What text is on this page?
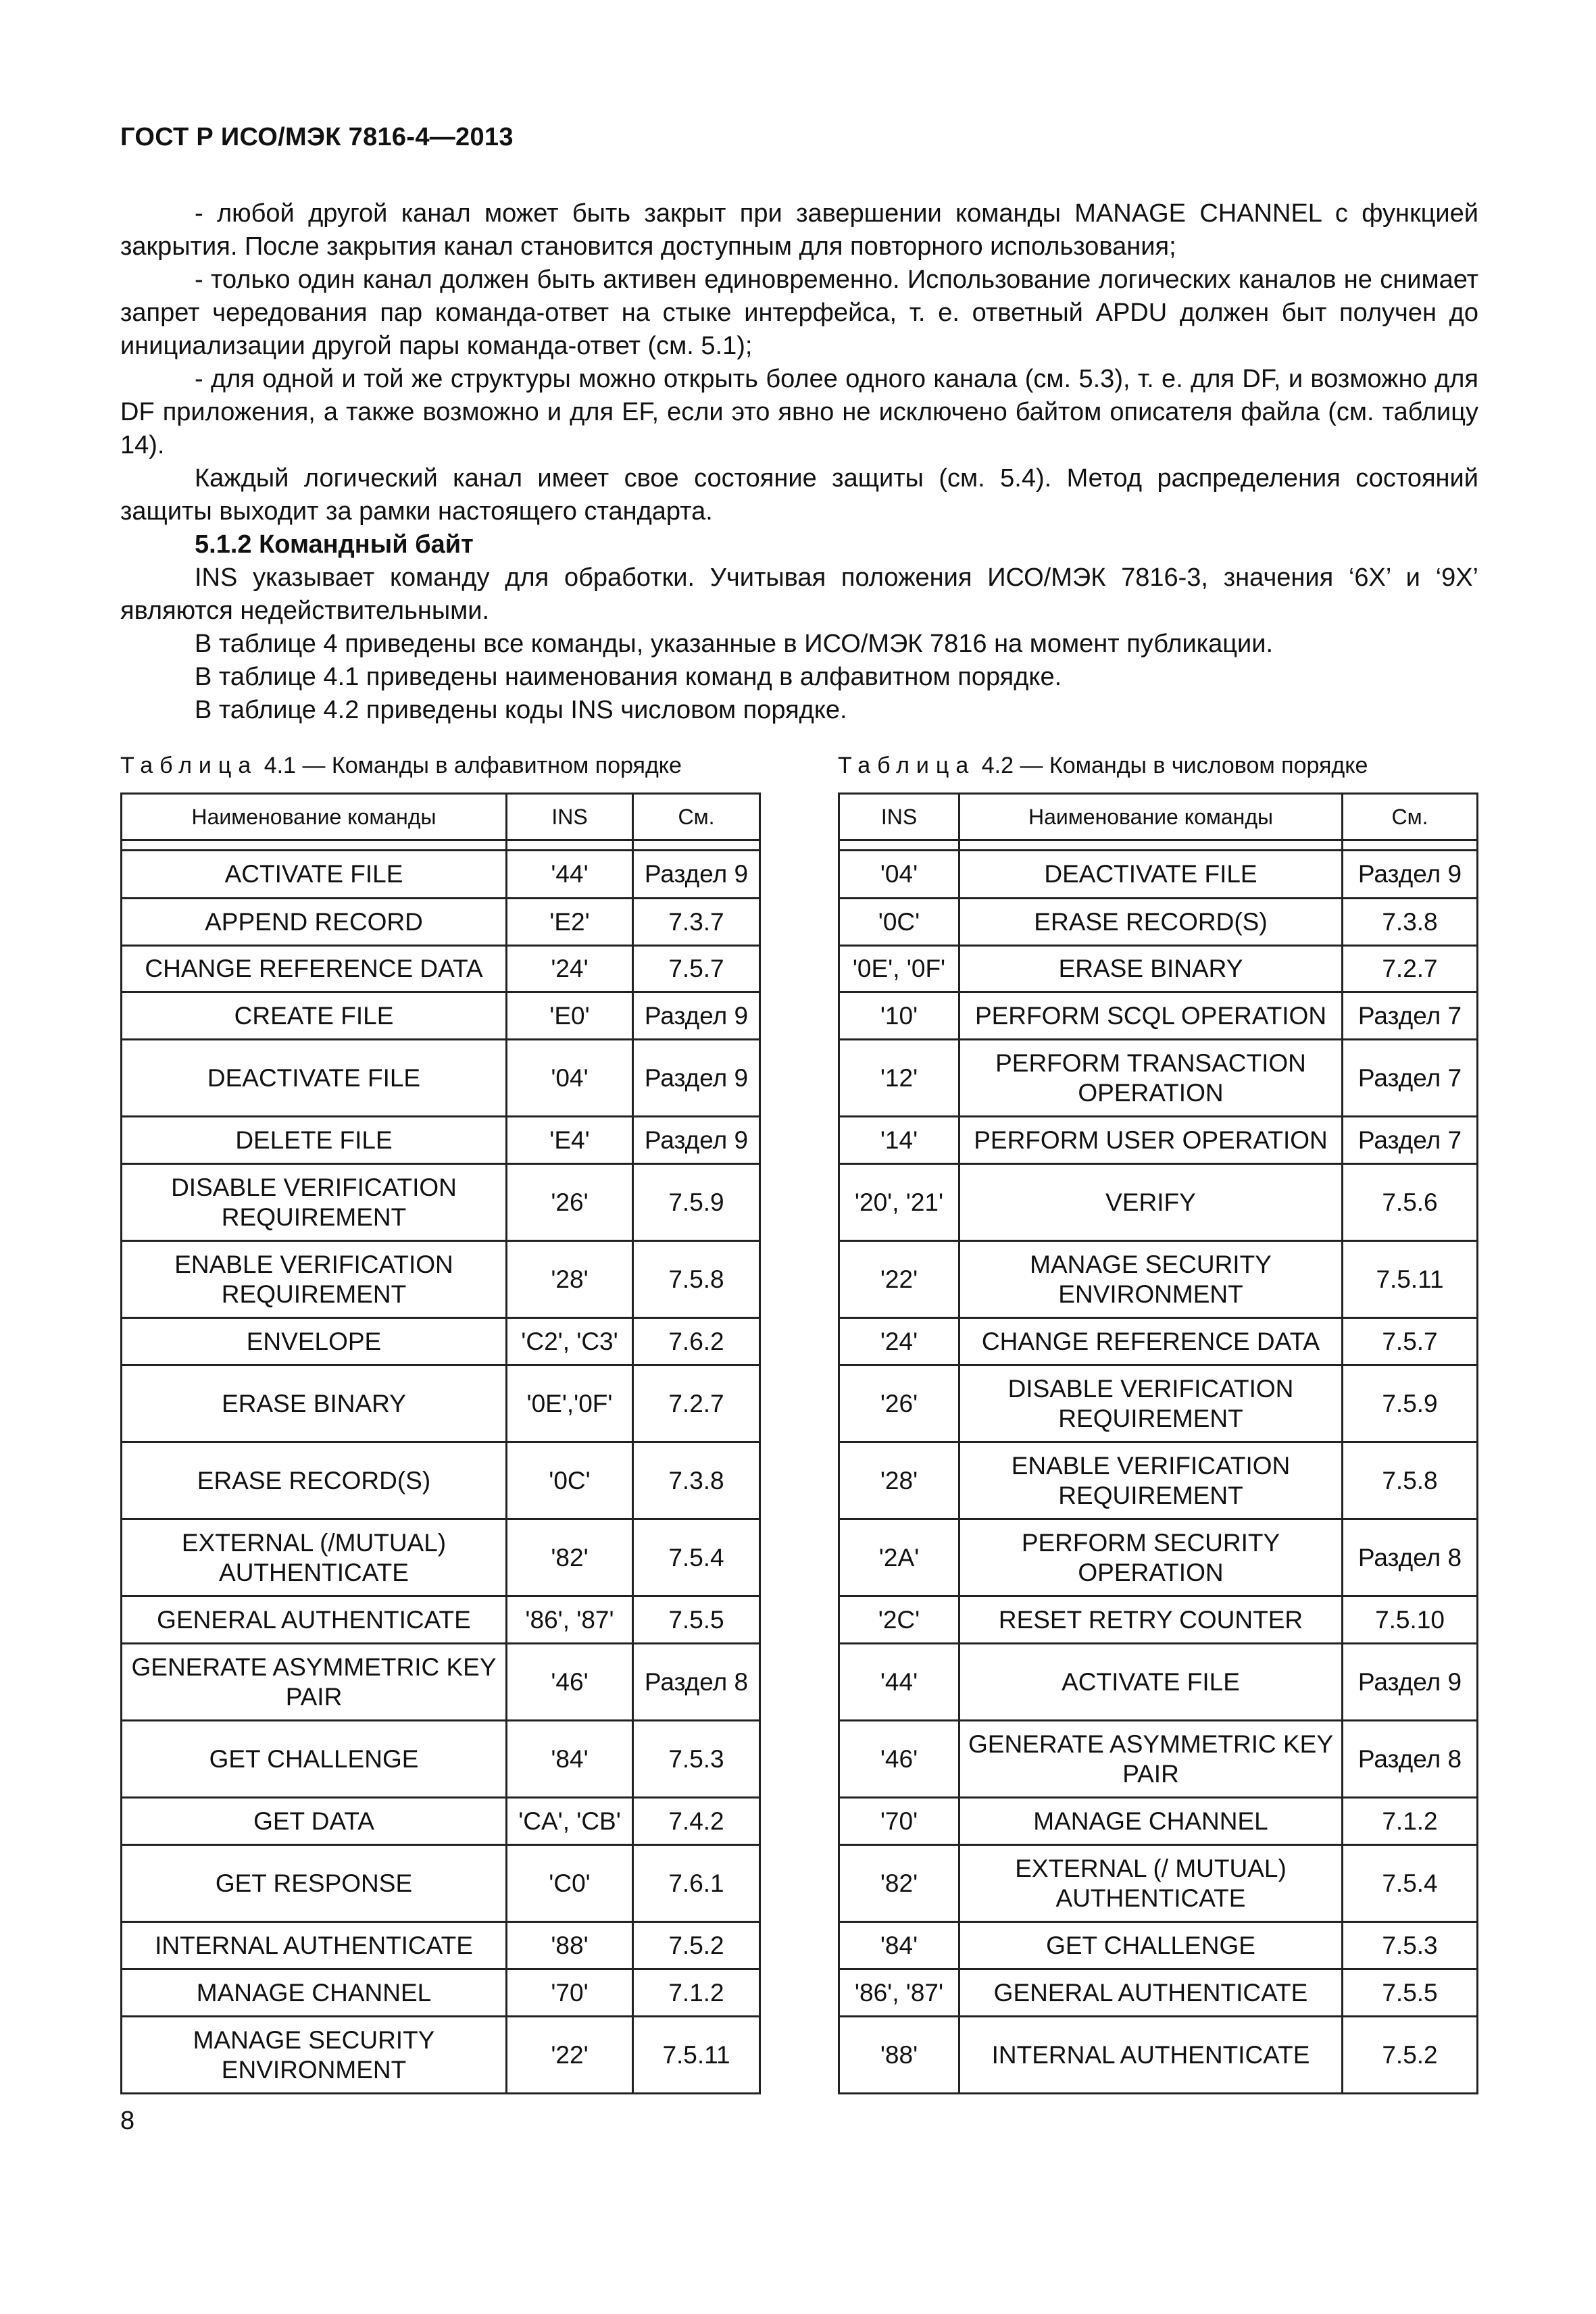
ГОСТ Р ИСО/МЭК 7816-4—2013

- любой другой канал может быть закрыт при завершении команды MANAGE CHANNEL с функцией закрытия. После закрытия канал становится доступным для повторного использования;

- только один канал должен быть активен единовременно. Использование логических каналов не снимает запрет чередования пар команда-ответ на стыке интерфейса, т. е. ответный APDU должен быт получен до инициализации другой пары команда-ответ (см. 5.1);

- для одной и той же структуры можно открыть более одного канала (см. 5.3), т. е. для DF, и возможно для DF приложения, а также возможно и для EF, если это явно не исключено байтом описателя файла (см. таблицу 14).

Каждый логический канал имеет свое состояние защиты (см. 5.4). Метод распределения состояний защиты выходит за рамки настоящего стандарта.

5.1.2 Командный байт

INS указывает команду для обработки. Учитывая положения ИСО/МЭК 7816-3, значения ‘6X’ и ‘9X’ являются недействительными.

В таблице 4 приведены все команды, указанные в ИСО/МЭК 7816 на момент публикации.

В таблице 4.1 приведены наименования команд в алфавитном порядке.

В таблице 4.2 приведены коды INS числовом порядке.

Таблица 4.1 — Команды в алфавитном порядке	Таблица 4.2 — Команды в числовом порядке
Наименование команды	INS	См.

ACTIVATE FILE	'44'	Раздел 9
APPEND RECORD	'E2'	7.3.7
CHANGE REFERENCE DATA	'24'	7.5.7
CREATE FILE	'E0'	Раздел 9
DEACTIVATE FILE	'04'	Раздел 9
DELETE FILE	'E4'	Раздел 9
DISABLE VERIFICATION REQUIREMENT	'26'	7.5.9
ENABLE VERIFICATION REQUIREMENT	'28'	7.5.8
ENVELOPE	'C2', 'C3'	7.6.2
ERASE BINARY	'0E','0F'	7.2.7
ERASE RECORD(S)	'0C'	7.3.8
EXTERNAL (/MUTUAL) AUTHENTICATE	'82'	7.5.4
GENERAL AUTHENTICATE	'86', '87'	7.5.5
GENERATE ASYMMETRIC KEY PAIR	'46'	Раздел 8
GET CHALLENGE	'84'	7.5.3
GET DATA	'CA', 'CB'	7.4.2
GET RESPONSE	'C0'	7.6.1
INTERNAL AUTHENTICATE	'88'	7.5.2
MANAGE CHANNEL	'70'	7.1.2
MANAGE SECURITY ENVIRONMENT	'22'	7.5.11
INS	Наименование команды	См.

'04'	DEACTIVATE FILE	Раздел 9
'0C'	ERASE RECORD(S)	7.3.8
'0E', '0F'	ERASE BINARY	7.2.7
'10'	PERFORM SCQL OPERATION	Раздел 7
'12'	PERFORM TRANSACTION OPERATION	Раздел 7
'14'	PERFORM USER OPERATION	Раздел 7
'20', '21'	VERIFY	7.5.6
'22'	MANAGE SECURITY ENVIRONMENT	7.5.11
'24'	CHANGE REFERENCE DATA	7.5.7
'26'	DISABLE VERIFICATION REQUIREMENT	7.5.9
'28'	ENABLE VERIFICATION REQUIREMENT	7.5.8
'2A'	PERFORM SECURITY OPERATION	Раздел 8
'2C'	RESET RETRY COUNTER	7.5.10
'44'	ACTIVATE FILE	Раздел 9
'46'	GENERATE ASYMMETRIC KEY PAIR	Раздел 8
'70'	MANAGE CHANNEL	7.1.2
'82'	EXTERNAL (/ MUTUAL) AUTHENTICATE	7.5.4
'84'	GET CHALLENGE	7.5.3
'86', '87'	GENERAL AUTHENTICATE	7.5.5
'88'	INTERNAL AUTHENTICATE	7.5.2
8
